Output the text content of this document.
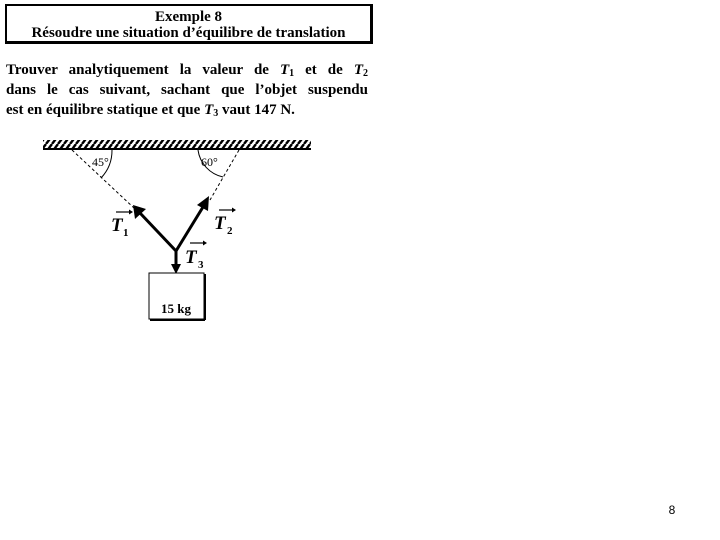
Exemple 8
Résoudre une situation d’équilibre de translation
Trouver analytiquement la valeur de $T_1$ et de $T_2$
dans le cas suivant, sachant que l’objet suspendu
est en équilibre statique et que $T_3$ vaut 147 N.
45°	60°
T 1	T 2
T 3
15 kg
8
